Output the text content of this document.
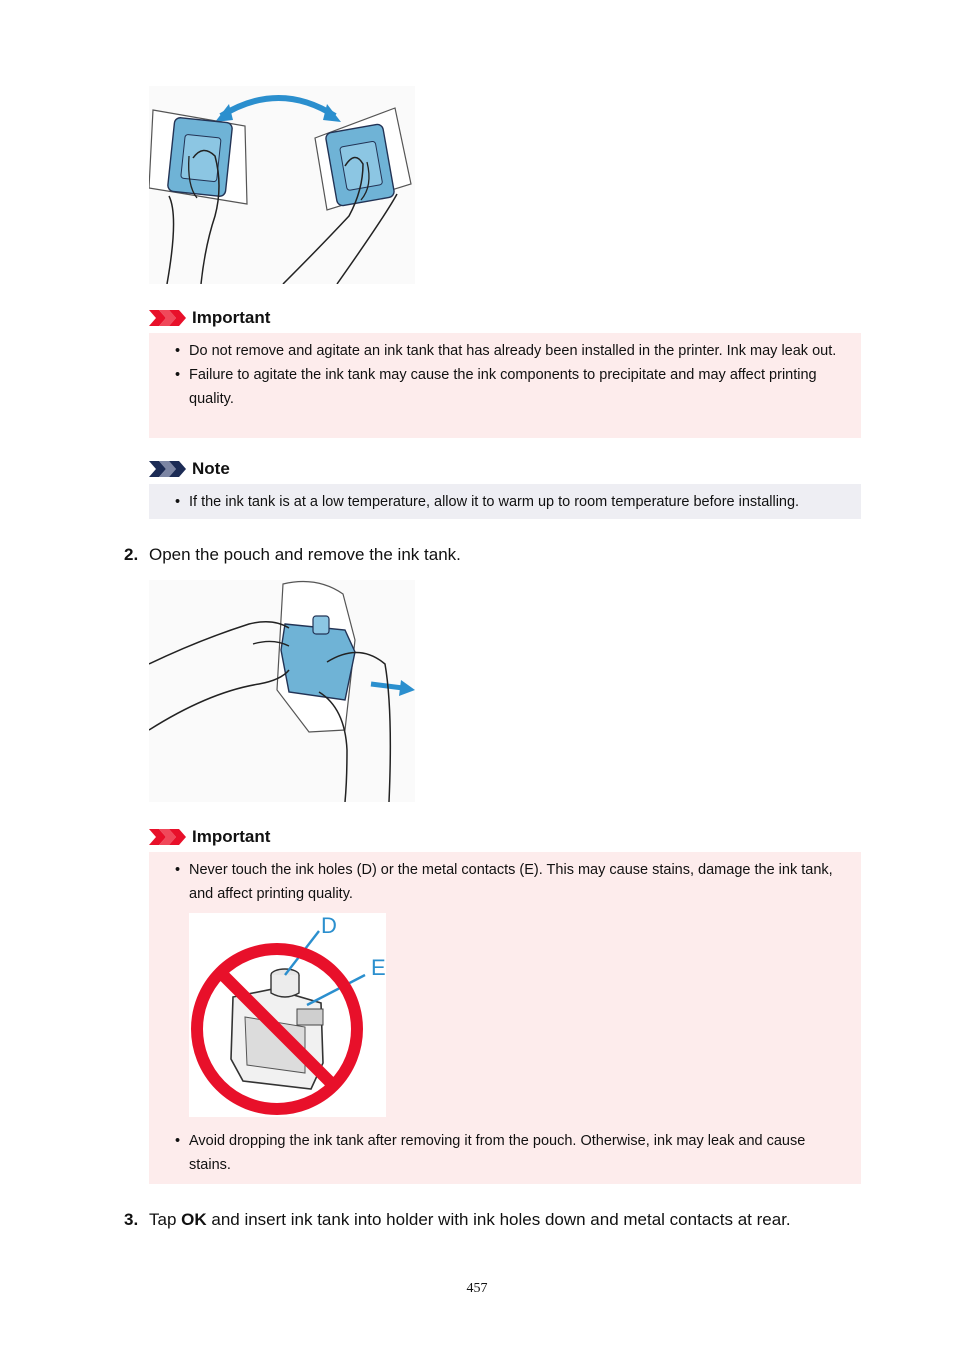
Important
• Do not remove and agitate an ink tank that has already been installed in the printer. Ink may leak out.
• Failure to agitate the ink tank may cause the ink components to precipitate and may affect printing quality.
Note
• If the ink tank is at a low temperature, allow it to warm up to room temperature before installing.
2. Open the pouch and remove the ink tank.
Important
• Never touch the ink holes (D) or the metal contacts (E). This may cause stains, damage the ink tank, and affect printing quality.
D
E
• Avoid dropping the ink tank after removing it from the pouch. Otherwise, ink may leak and cause stains.
3. Tap OK and insert ink tank into holder with ink holes down and metal contacts at rear.
457
